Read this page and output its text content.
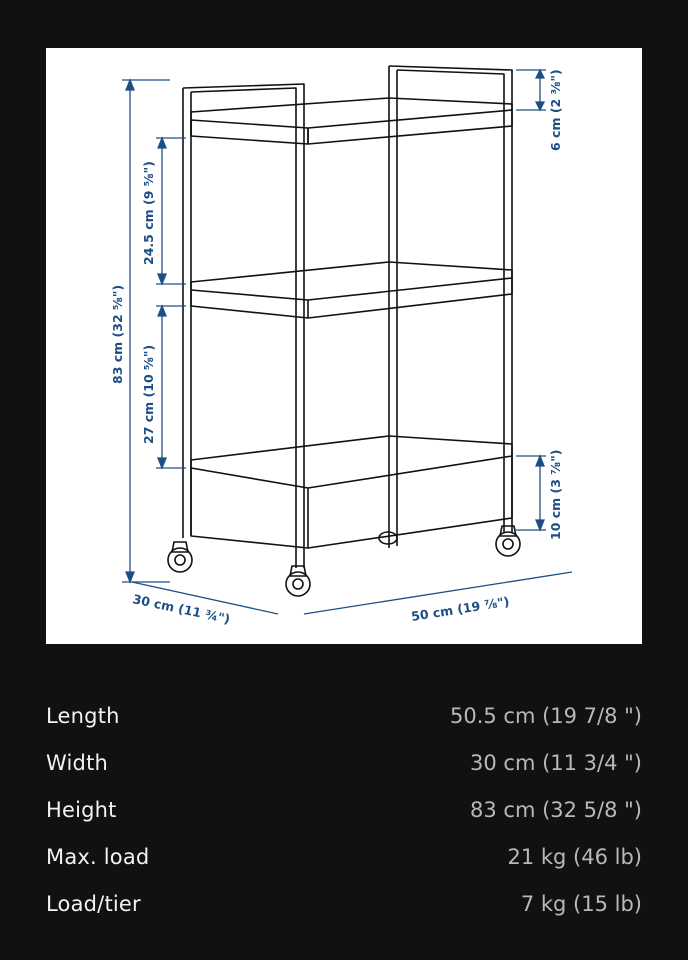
83 cm (32 ⅝")
24.5 cm (9 ⅝")
27 cm (10 ⅝")
6 cm (2 ⅜")
10 cm (3 ⅞")
30 cm (11 ¾")	50 cm (19 ⅞")
Length	50.5 cm (19 7/8 ")
Width	30 cm (11 3/4 ")
Height	83 cm (32 5/8 ")
Max. load	21 kg (46 lb)
Load/tier	7 kg (15 lb)
